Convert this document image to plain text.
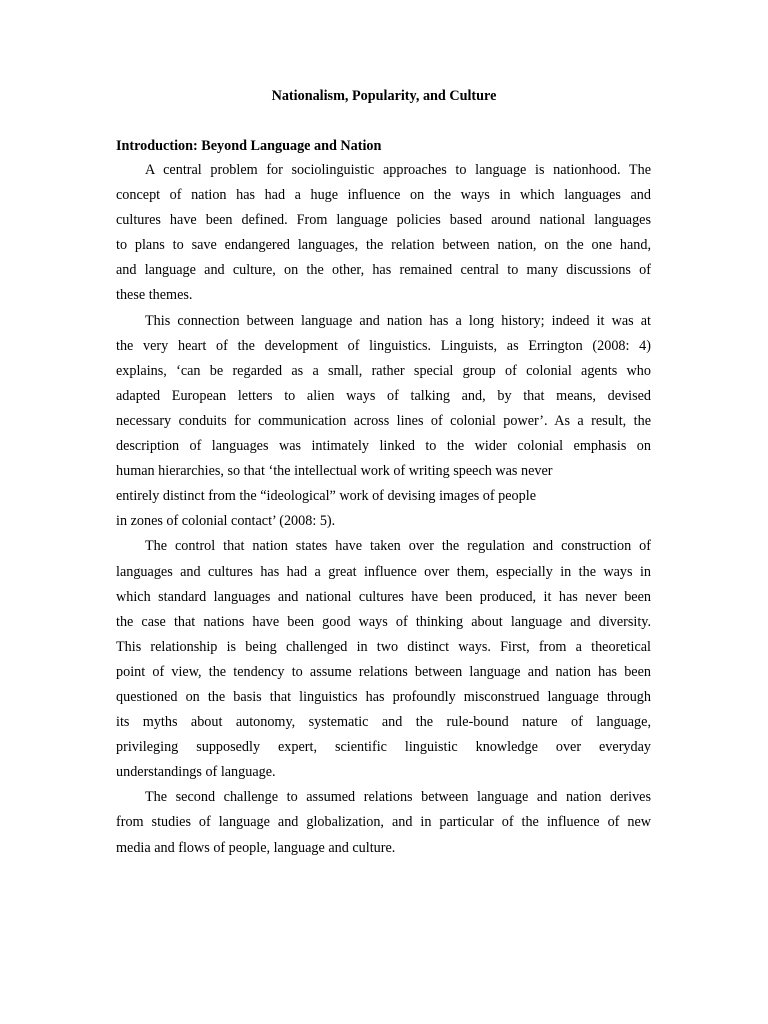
Nationalism, Popularity, and Culture
Introduction: Beyond Language and Nation
A central problem for sociolinguistic approaches to language is nationhood. The
concept of nation has had a huge influence on the ways in which languages and
cultures have been defined. From language policies based around national languages
to plans to save endangered languages, the relation between nation, on the one hand,
and language and culture, on the other, has remained central to many discussions of
these themes.
This connection between language and nation has a long history; indeed it was at
the very heart of the development of linguistics. Linguists, as Errington (2008: 4)
explains, ‘can be regarded as a small, rather special group of colonial agents who
adapted European letters to alien ways of talking and, by that means, devised
necessary conduits for communication across lines of colonial power’. As a result, the
description of languages was intimately linked to the wider colonial emphasis on
human hierarchies, so that ‘the intellectual work of writing speech was never
entirely distinct from the “ideological” work of devising images of people
in zones of colonial contact’ (2008: 5).
The control that nation states have taken over the regulation and construction of
languages and cultures has had a great influence over them, especially in the ways in
which standard languages and national cultures have been produced, it has never been
the case that nations have been good ways of thinking about language and diversity.
This relationship is being challenged in two distinct ways. First, from a theoretical
point of view, the tendency to assume relations between language and nation has been
questioned on the basis that linguistics has profoundly misconstrued language through
its myths about autonomy, systematic and the rule-bound nature of language,
privileging supposedly expert, scientific linguistic knowledge over everyday
understandings of language.
The second challenge to assumed relations between language and nation derives
from studies of language and globalization, and in particular of the influence of new
media and flows of people, language and culture.
